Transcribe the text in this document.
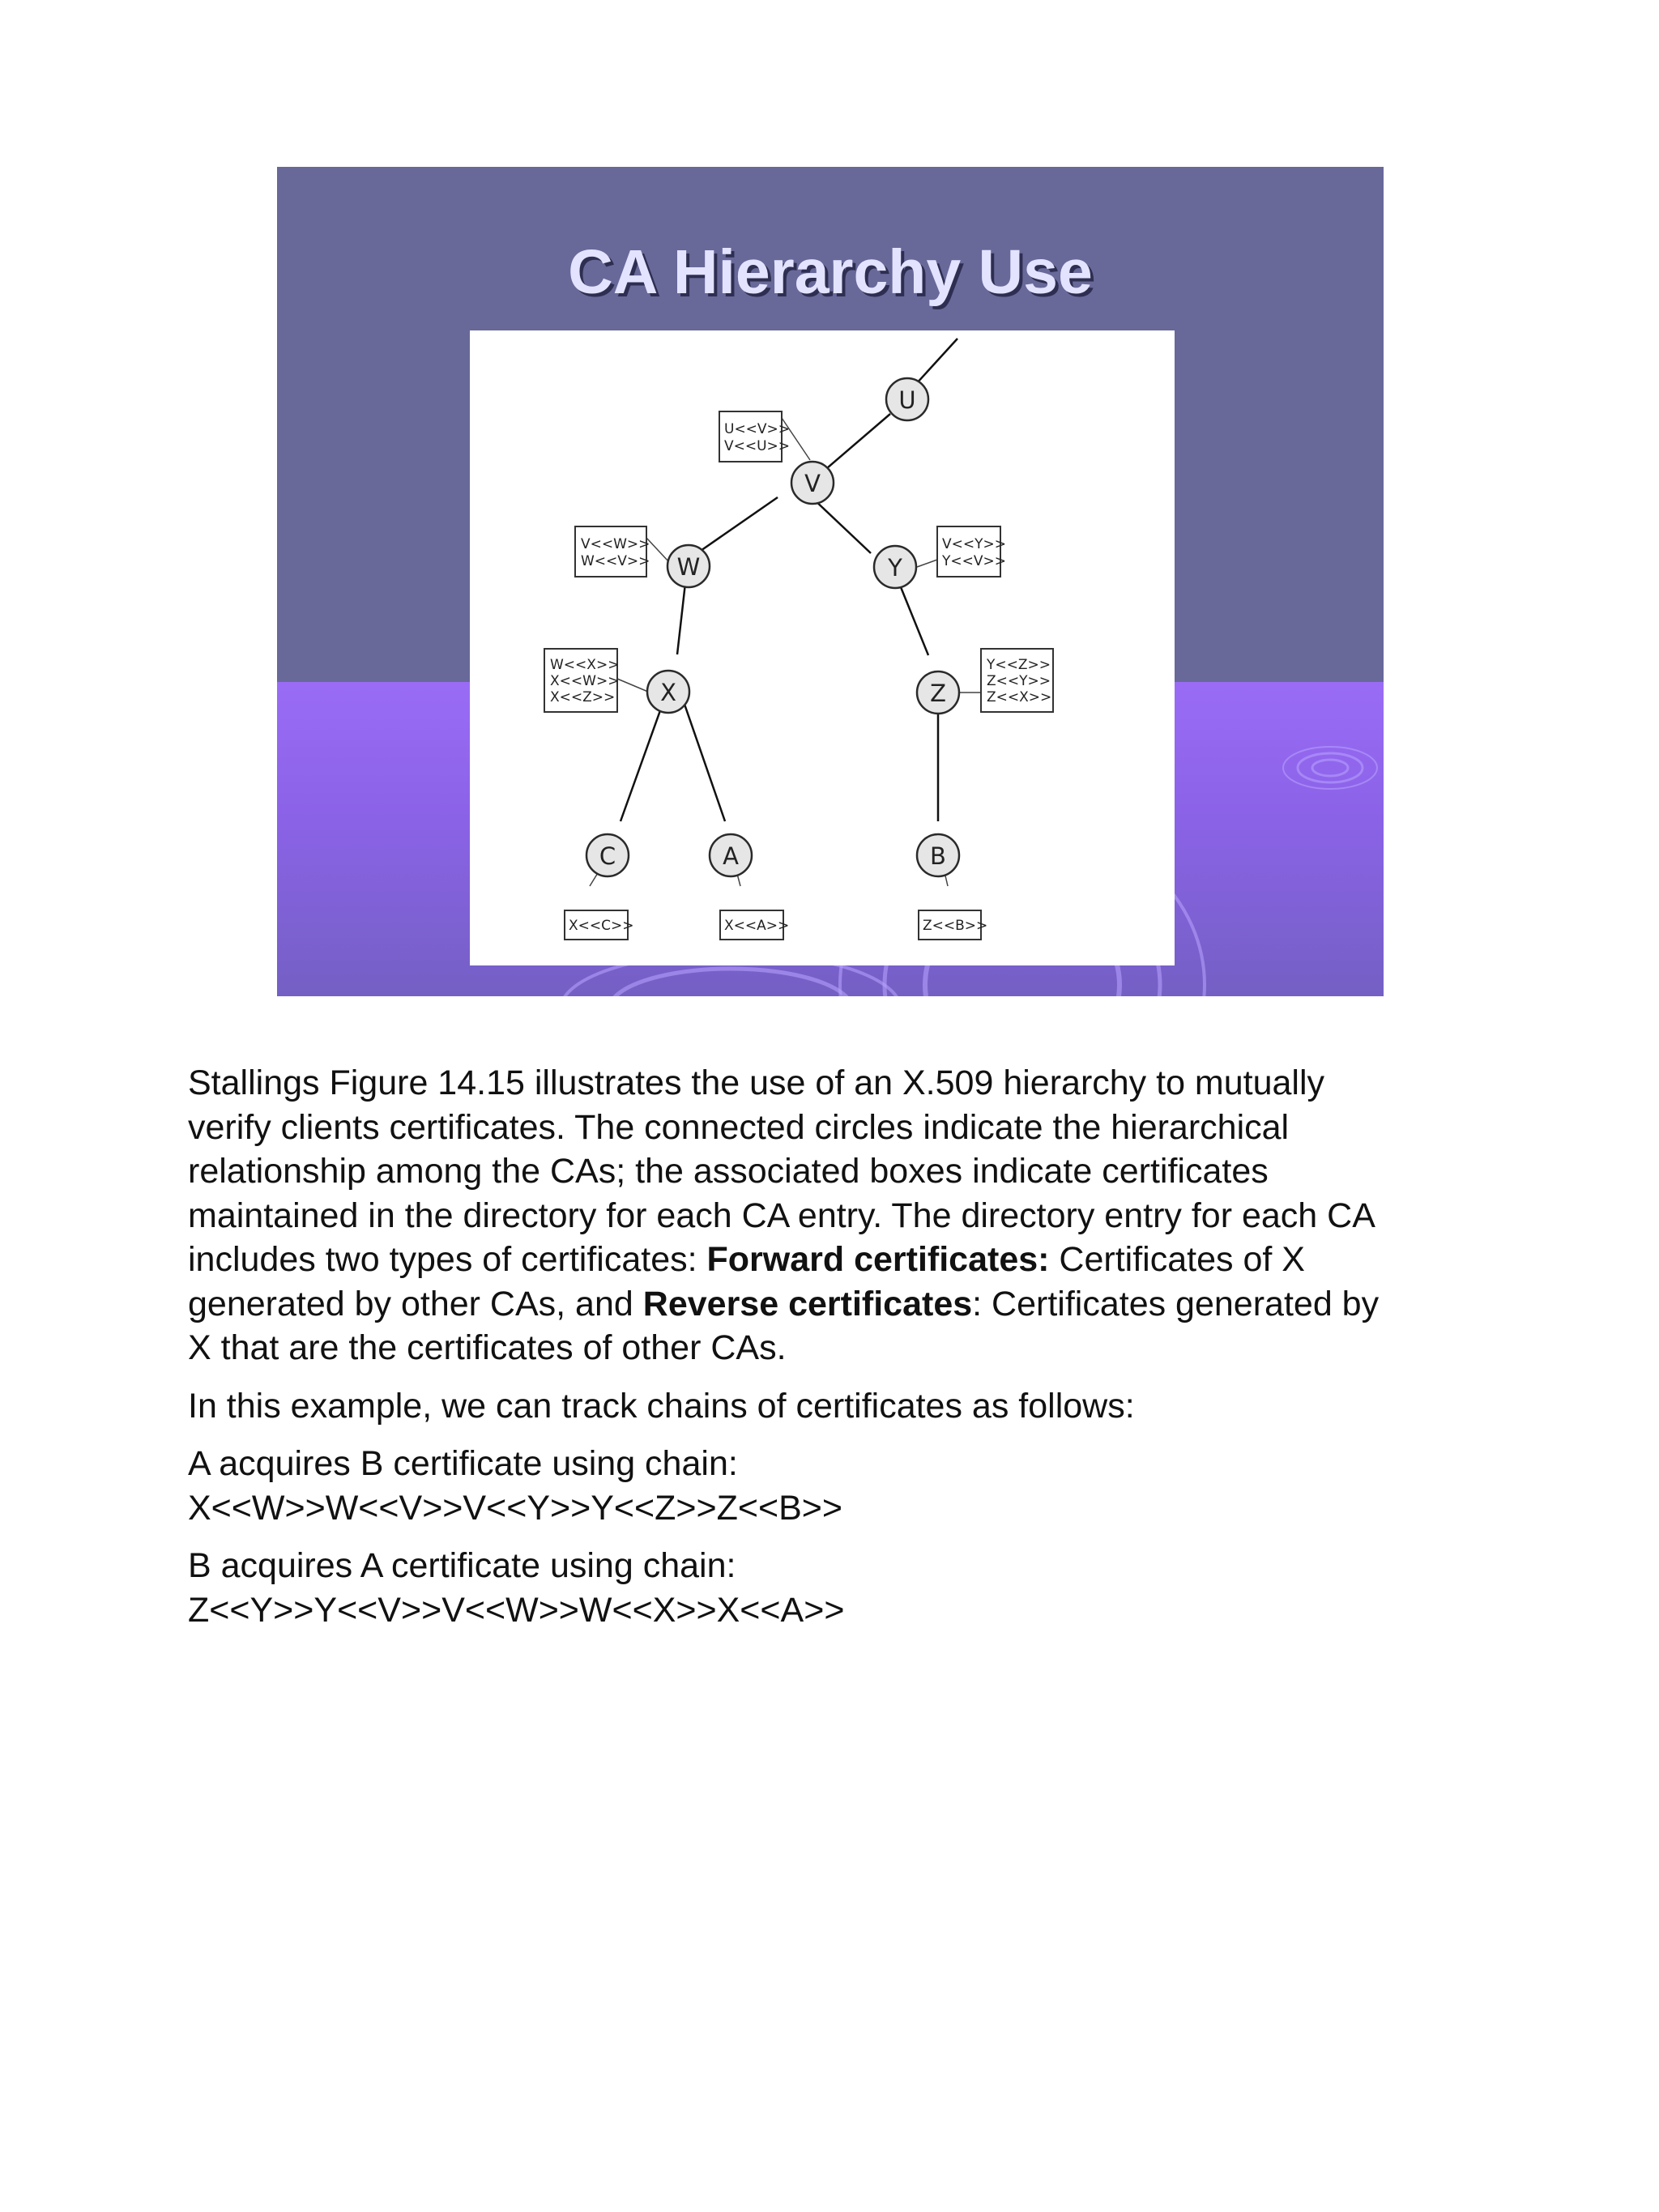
CA Hierarchy Use
U<<V>>
V<<U>>
V<<W>>
W<<V>>
V<<Y>>
Y<<V>>
W<<X>>
X<<W>>
X<<Z>>
Y<<Z>>
Z<<Y>>
Z<<X>>
X<<C>>	X<<A>>	Z<<B>>
U
V
W	Y
X	Z
C	A	B

Stallings Figure 14.15 illustrates the use of an X.509 hierarchy to mutually
verify clients certificates. The connected circles indicate the hierarchical
relationship among the CAs; the associated boxes indicate certificates
maintained in the directory for each CA entry. The directory entry for each CA
includes two types of certificates: Forward certificates: Certificates of X
generated by other CAs, and Reverse certificates: Certificates generated by
X that are the certificates of other CAs.

In this example, we can track chains of certificates as follows:

A acquires B certificate using chain:
X<<W>>W<<V>>V<<Y>>Y<<Z>>Z<<B>>

B acquires A certificate using chain:
Z<<Y>>Y<<V>>V<<W>>W<<X>>X<<A>>
